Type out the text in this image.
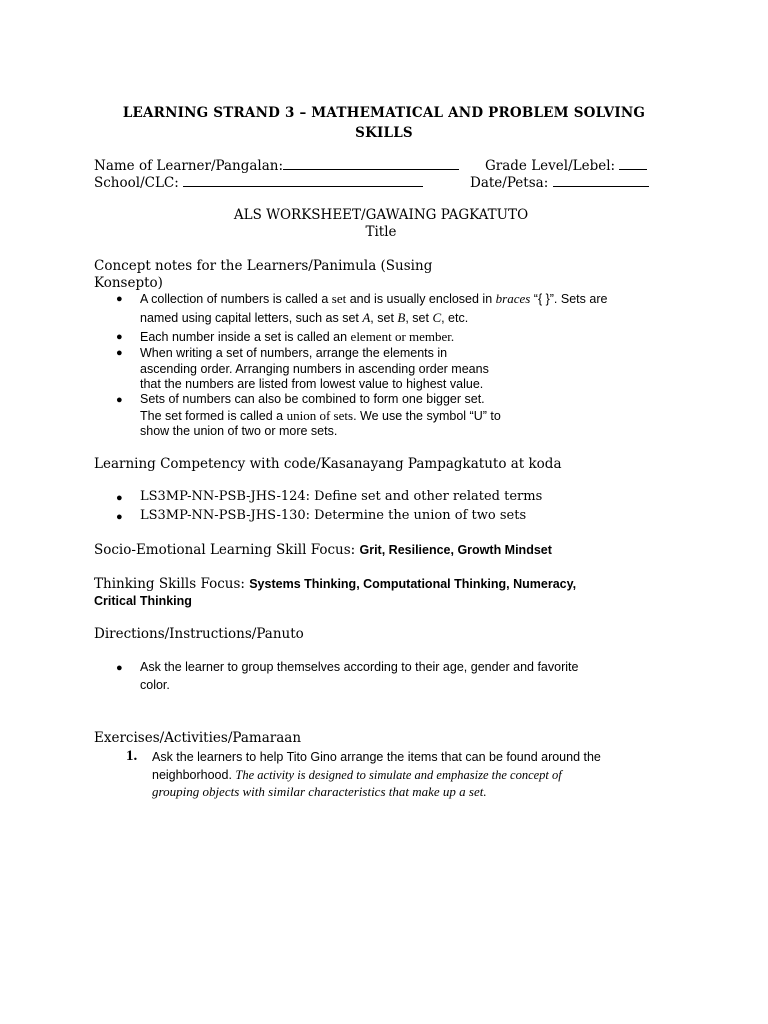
LEARNING STRAND 3 – MATHEMATICAL AND PROBLEM SOLVING
SKILLS
Name of Learner/Pangalan:	Grade Level/Lebel:
School/CLC:	Date/Petsa:
ALS WORKSHEET/GAWAING PAGKATUTO
Title
Concept notes for the Learners/Panimula (Susing
Konsepto)
● A collection of numbers is called a set and is usually enclosed in braces “{ }”. Sets are
named using capital letters, such as set A, set B, set C, etc.
● Each number inside a set is called an element or member.
● When writing a set of numbers, arrange the elements in
ascending order. Arranging numbers in ascending order means
that the numbers are listed from lowest value to highest value.
● Sets of numbers can also be combined to form one bigger set.
The set formed is called a union of sets. We use the symbol “U” to
show the union of two or more sets.
Learning Competency with code/Kasanayang Pampagkatuto at koda
● LS3MP-NN-PSB-JHS-124: Define set and other related terms
● LS3MP-NN-PSB-JHS-130: Determine the union of two sets
Socio-Emotional Learning Skill Focus: Grit, Resilience, Growth Mindset
Thinking Skills Focus: Systems Thinking, Computational Thinking, Numeracy,
Critical Thinking
Directions/Instructions/Panuto
● Ask the learner to group themselves according to their age, gender and favorite
color.
Exercises/Activities/Pamaraan
1. Ask the learners to help Tito Gino arrange the items that can be found around the
neighborhood. The activity is designed to simulate and emphasize the concept of
grouping objects with similar characteristics that make up a set.
